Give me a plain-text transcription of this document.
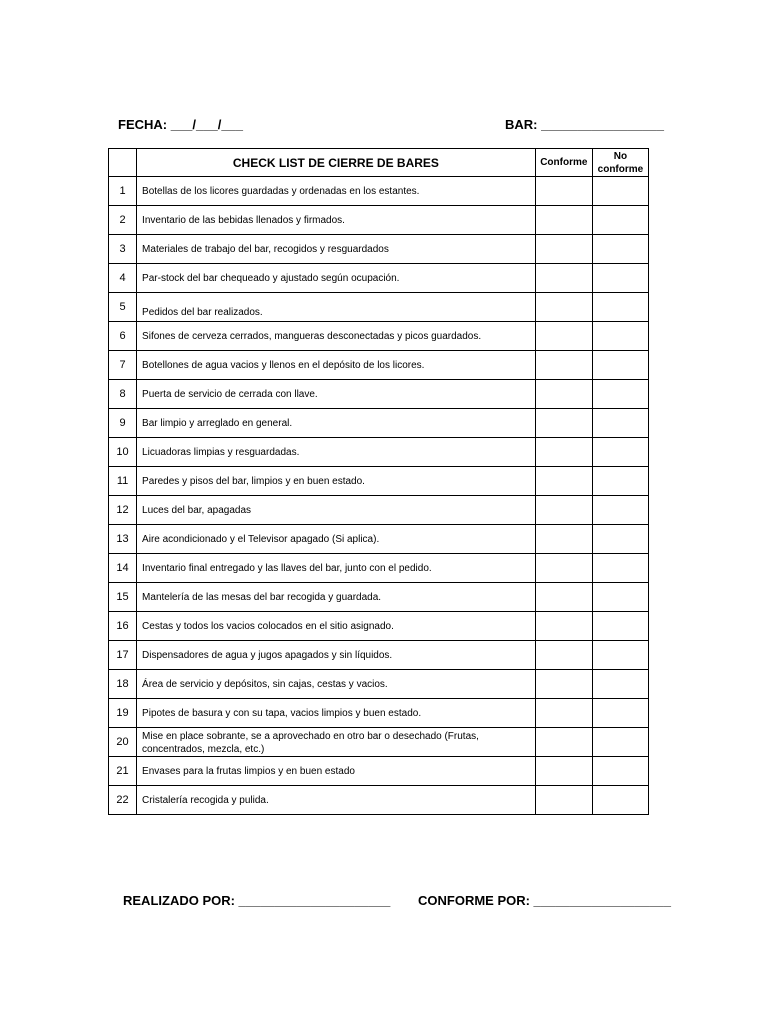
FECHA: ___/___/___	BAR: _________________
	CHECK LIST DE CIERRE DE BARES	Conforme	No conforme
1	Botellas de los licores guardadas y ordenadas en los estantes.		
2	Inventario de las bebidas llenados y firmados.		
3	Materiales de trabajo del bar, recogidos y resguardados		
4	Par-stock del bar chequeado y ajustado según ocupación.		
5	Pedidos del bar realizados.		
6	Sifones de cerveza cerrados, mangueras desconectadas y picos guardados.		
7	Botellones de agua vacios y llenos en el depósito de los licores.		
8	Puerta de servicio de cerrada con llave.		
9	Bar limpio y arreglado en general.		
10	Licuadoras limpias y resguardadas.		
11	Paredes y pisos del bar, limpios y en buen estado.		
12	Luces del bar, apagadas		
13	Aire acondicionado y el Televisor apagado (Si aplica).		
14	Inventario final entregado y las llaves del bar, junto con el pedido.		
15	Mantelería de las mesas del bar recogida y guardada.		
16	Cestas y todos los vacios colocados en el sitio asignado.		
17	Dispensadores de agua y jugos apagados y sin líquidos.		
18	Área de servicio y depósitos, sin cajas, cestas y vacios.		
19	Pipotes de basura y con su tapa, vacios limpios y buen estado.		
20	Mise en place sobrante, se a aprovechado en otro bar o desechado (Frutas, concentrados, mezcla, etc.)		
21	Envases para la frutas limpios y en buen estado		
22	Cristalería recogida y pulida.		
REALIZADO POR: _____________________ CONFORME POR: ___________________
